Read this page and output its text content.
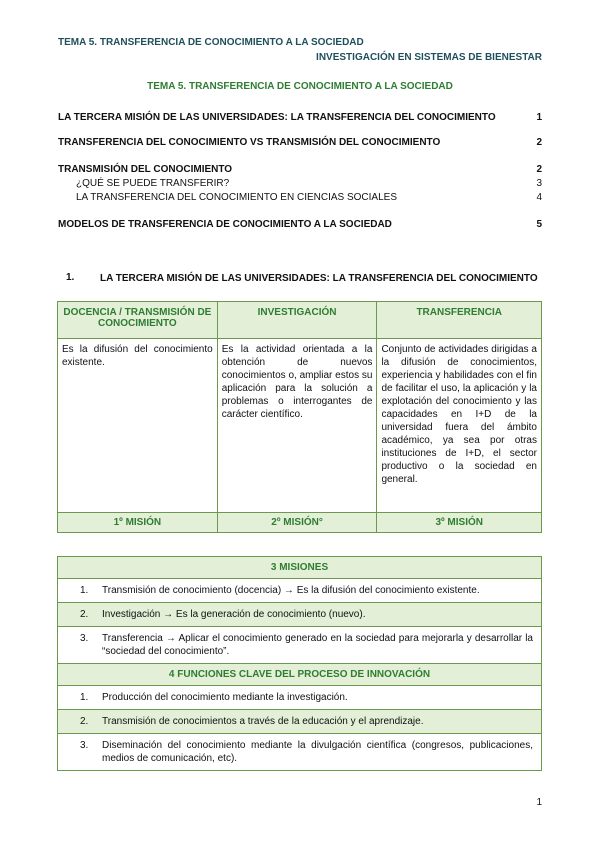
TEMA 5. TRANSFERENCIA DE CONOCIMIENTO A LA SOCIEDAD
INVESTIGACIÓN EN SISTEMAS DE BIENESTAR
TEMA 5. TRANSFERENCIA DE CONOCIMIENTO A LA SOCIEDAD
LA TERCERA MISIÓN DE LAS UNIVERSIDADES: LA TRANSFERENCIA DEL CONOCIMIENTO	1
TRANSFERENCIA DEL CONOCIMIENTO VS TRANSMISIÓN DEL CONOCIMIENTO	2
TRANSMISIÓN DEL CONOCIMIENTO	2
¿QUÉ SE PUEDE TRANSFERIR?	3
LA TRANSFERENCIA DEL CONOCIMIENTO EN CIENCIAS SOCIALES	4
MODELOS DE TRANSFERENCIA DE CONOCIMIENTO A LA SOCIEDAD	5
1.	LA TERCERA MISIÓN DE LAS UNIVERSIDADES: LA TRANSFERENCIA DEL CONOCIMIENTO
DOCENCIA / TRANSMISIÓN DE CONOCIMIENTO	INVESTIGACIÓN	TRANSFERENCIA
Es la difusión del conocimiento existente.	Es la actividad orientada a la obtención de nuevos conocimientos o, ampliar estos su aplicación para la solución a problemas o interrogantes de carácter científico.	Conjunto de actividades dirigidas a la difusión de conocimientos, experiencia y habilidades con el fin de facilitar el uso, la aplicación y la explotación del conocimiento y las capacidades en I+D de la universidad fuera del ámbito académico, ya sea por otras instituciones de I+D, el sector productivo o la sociedad en general.
1º MISIÓN	2º MISIÓN°	3º MISIÓN
3 MISIONES

1.	Transmisión de conocimiento (docencia) → Es la difusión del conocimiento existente.

2.	Investigación → Es la generación de conocimiento (nuevo).

3.	Transferencia → Aplicar el conocimiento generado en la sociedad para mejorarla y desarrollar la “sociedad del conocimiento”.

4 FUNCIONES CLAVE DEL PROCESO DE INNOVACIÓN

1.	Producción del conocimiento mediante la investigación.

2.	Transmisión de conocimientos a través de la educación y el aprendizaje.

3.	Diseminación del conocimiento mediante la divulgación científica (congresos, publicaciones, medios de comunicación, etc).
1
